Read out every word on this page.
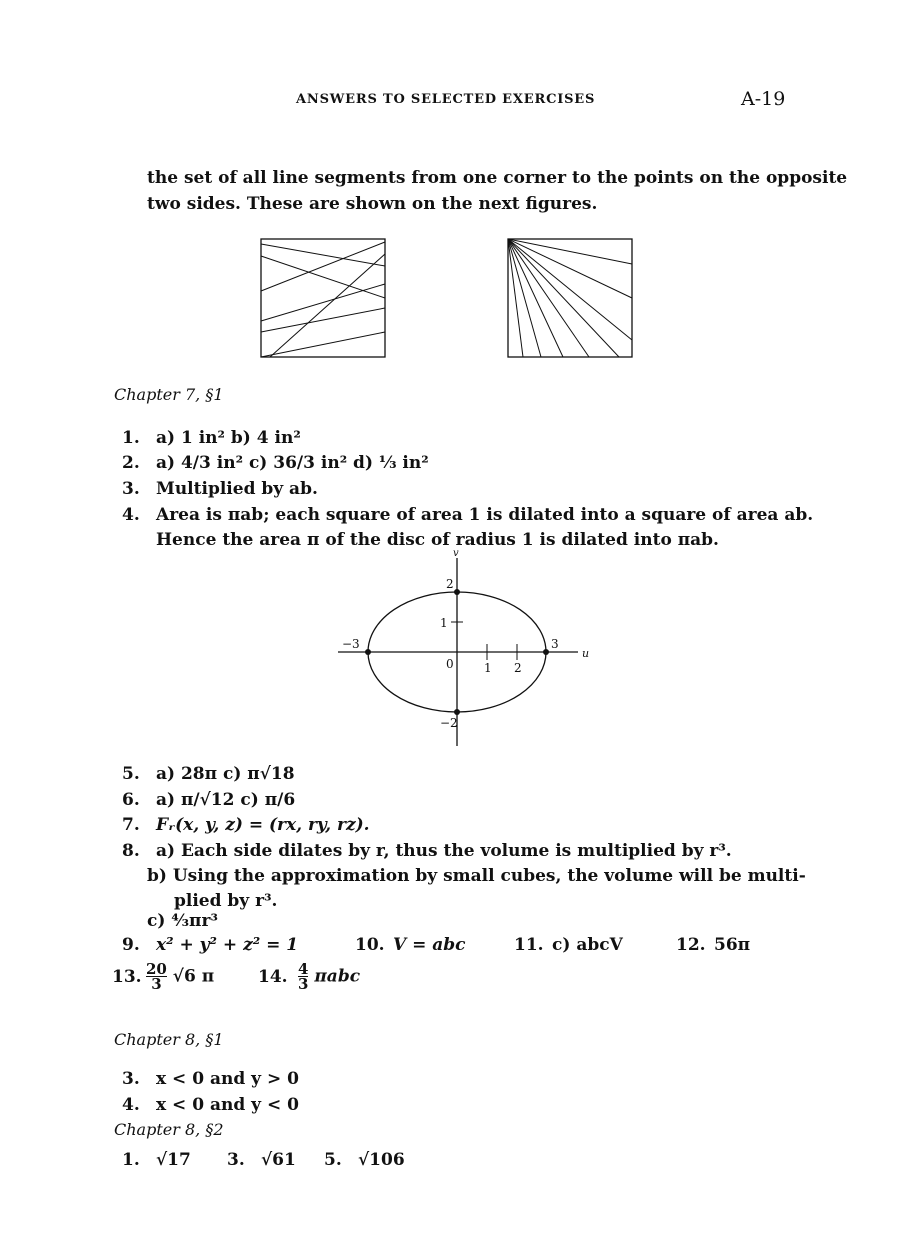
ANSWERS TO SELECTED EXERCISES	A-19
the set of all line segments from one corner to the points on the opposite
two sides. These are shown on the next figures.
Chapter 7, §1
1. a) 1 in² b) 4 in²
2. a) 4/3 in² c) 36/3 in² d) ⅓ in²
3. Multiplied by ab.
4. Area is πab; each square of area 1 is dilated into a square of area ab.
Hence the area π of the disc of radius 1 is dilated into πab.
v
u
2
1
−2
−3
0	1 2
3
5. a) 28π c) π√18
6. a) π/√12 c) π/6
7. Fᵣ(x, y, z) = (rx, ry, rz).
8. a) Each side dilates by r, thus the volume is multiplied by r³.
b) Using the approximation by small cubes, the volume will be multi-
plied by r³.
c) ⁴⁄₃πr³
9. x² + y² + z² = 1	10. V = abc	11. c) abcV	12. 56π
13. $\frac{20}{3} √6$ π	14. $\frac{4}{3}$ πabc
Chapter 8, §1
3. x < 0 and y > 0
4. x < 0 and y < 0
Chapter 8, §2
1. √17 3. √61 5. √106
